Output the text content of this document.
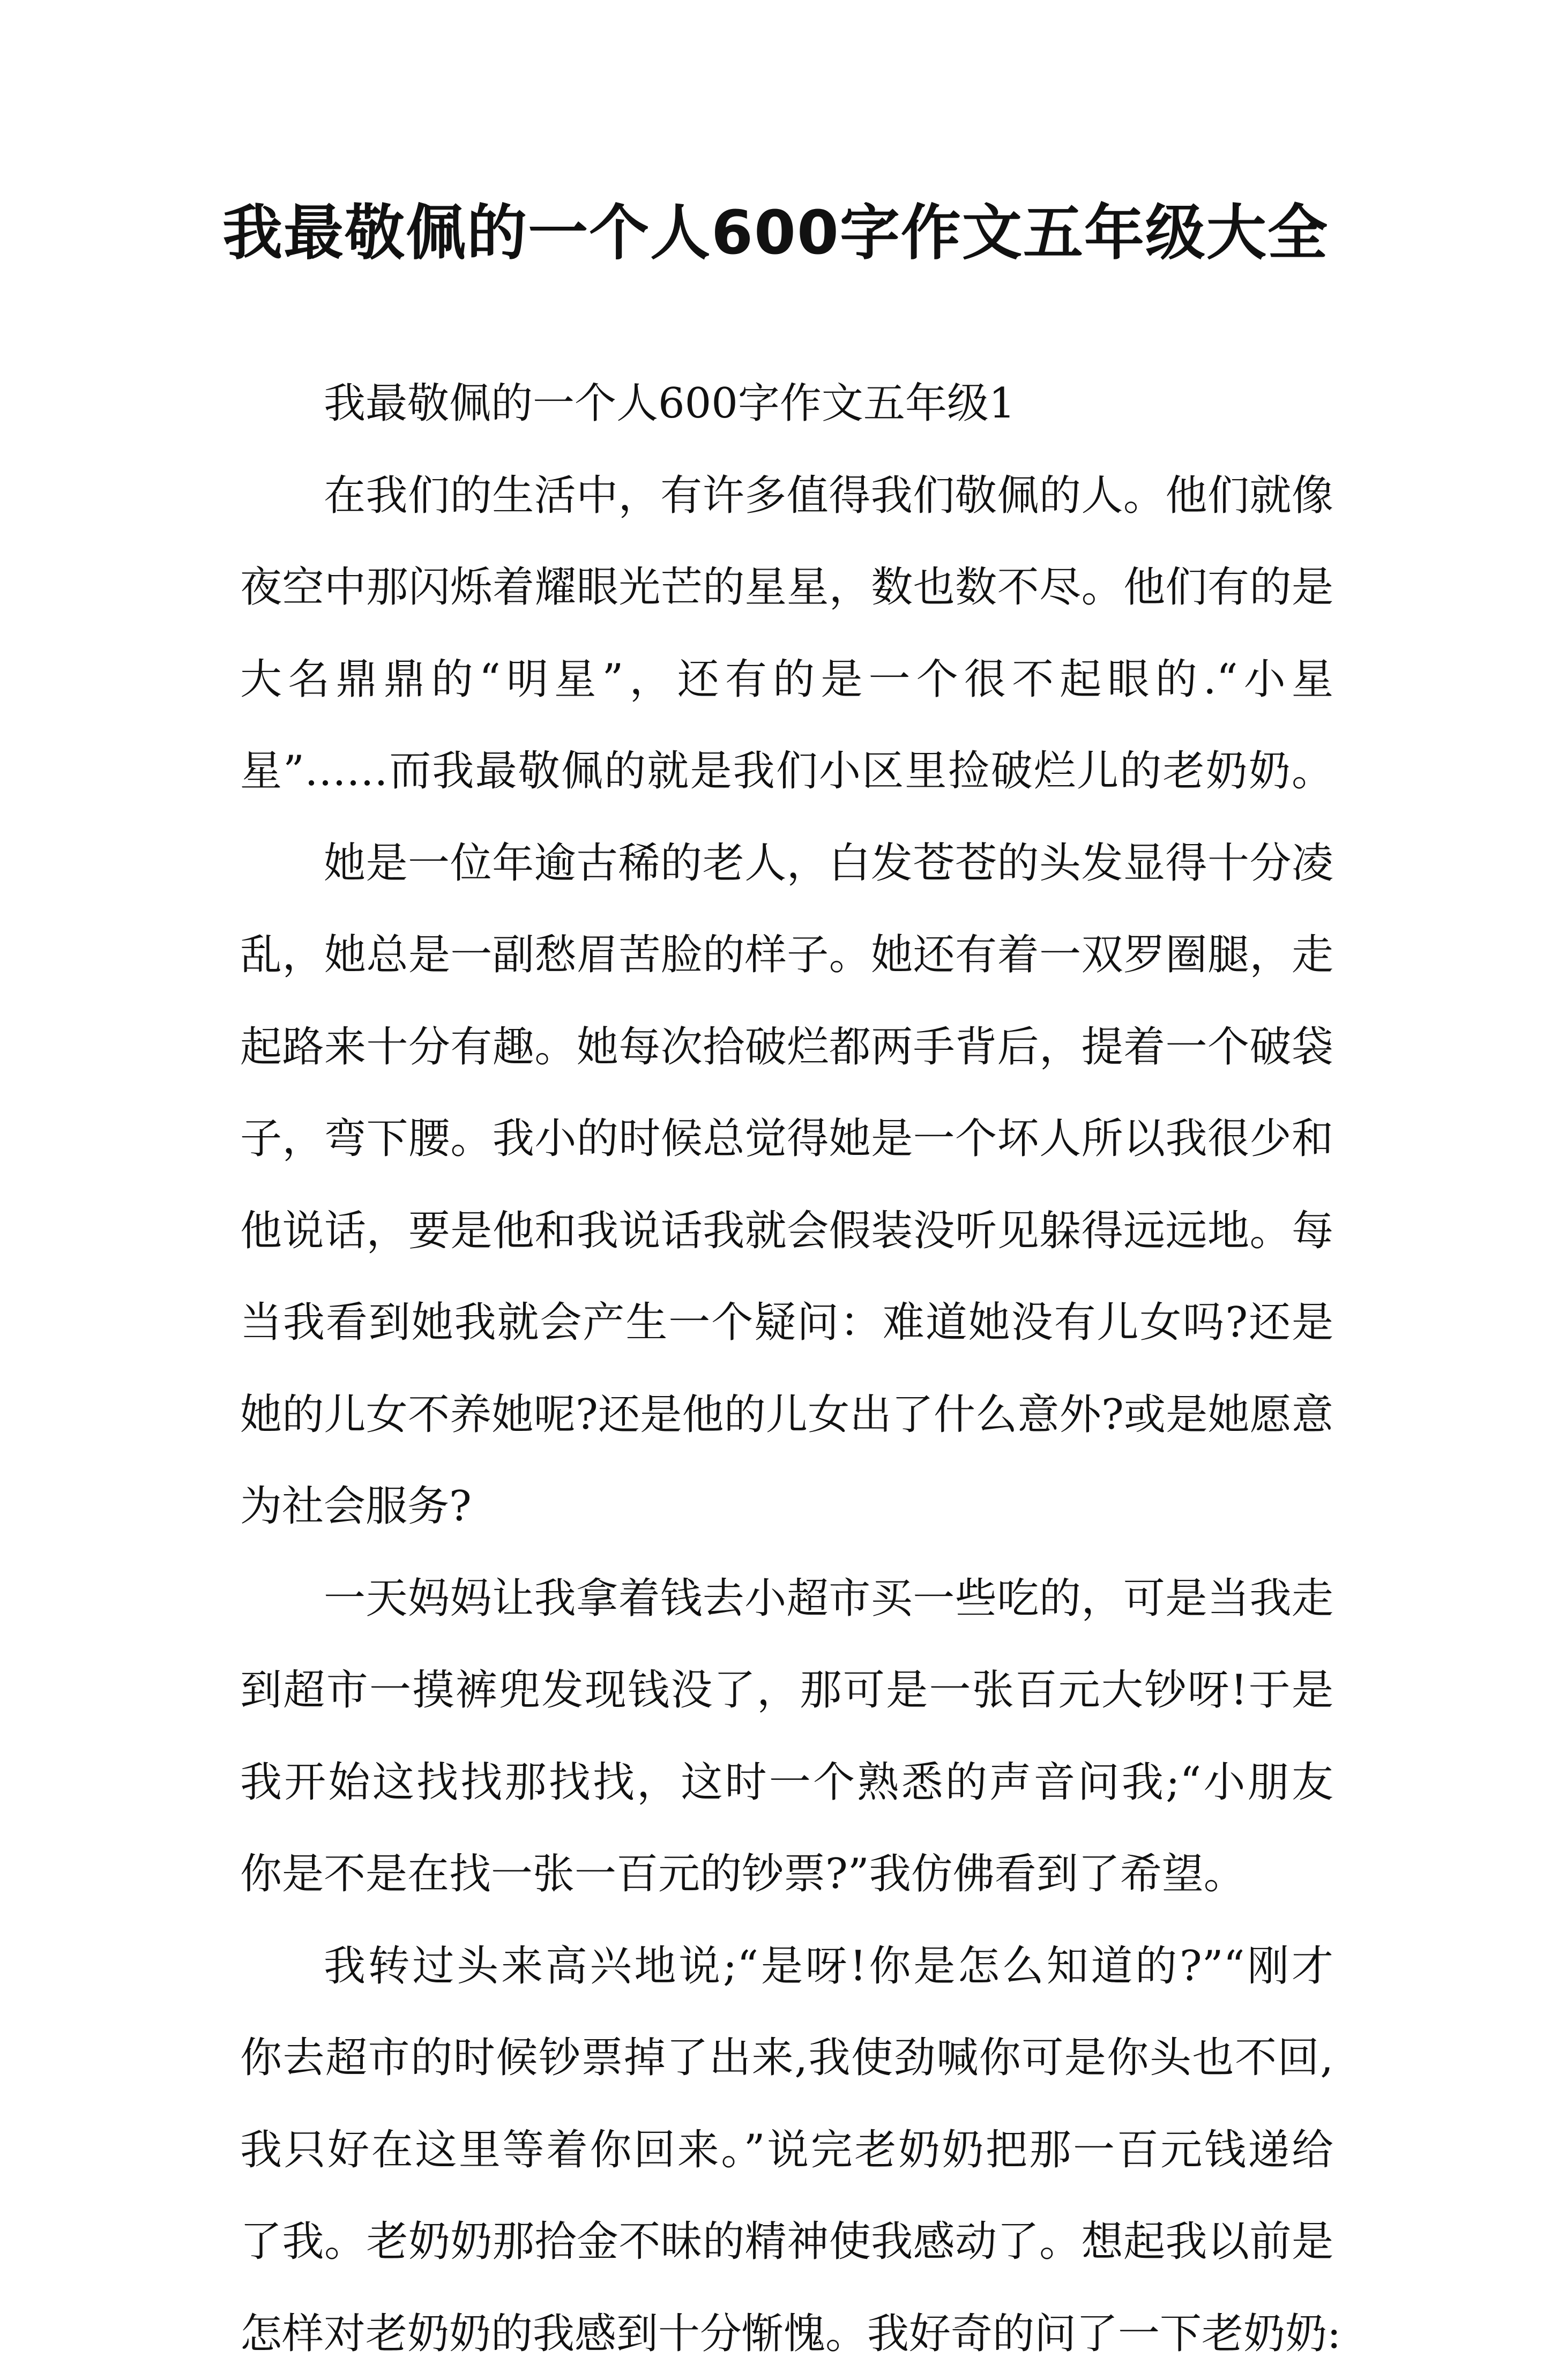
我最敬佩的一个人600字作文五年级大全
我最敬佩的一个人600字作文五年级1
在我们的生活中，有许多值得我们敬佩的人。他们就像
夜空中那闪烁着耀眼光芒的星星，数也数不尽。他们有的是
大名鼎鼎的“明星”，还有的是一个很不起眼的.“小星
星”……而我最敬佩的就是我们小区里捡破烂儿的老奶奶。
她是一位年逾古稀的老人，白发苍苍的头发显得十分凌
乱，她总是一副愁眉苦脸的样子。她还有着一双罗圈腿，走
起路来十分有趣。她每次拾破烂都两手背后，提着一个破袋
子，弯下腰。我小的时候总觉得她是一个坏人所以我很少和
他说话，要是他和我说话我就会假装没听见躲得远远地。每
当我看到她我就会产生一个疑问：难道她没有儿女吗?还是
她的儿女不养她呢?还是他的儿女出了什么意外?或是她愿意
为社会服务?
一天妈妈让我拿着钱去小超市买一些吃的，可是当我走
到超市一摸裤兜发现钱没了，那可是一张百元大钞呀!于是
我开始这找找那找找，这时一个熟悉的声音问我;“小朋友
你是不是在找一张一百元的钞票?”我仿佛看到了希望。
我转过头来高兴地说;“是呀!你是怎么知道的?”“刚才
你去超市的时候钞票掉了出来,我使劲喊你可是你头也不回,
我只好在这里等着你回来。”说完老奶奶把那一百元钱递给
了我。老奶奶那拾金不昧的精神使我感动了。想起我以前是
怎样对老奶奶的我感到十分惭愧。我好奇的问了一下老奶奶:
